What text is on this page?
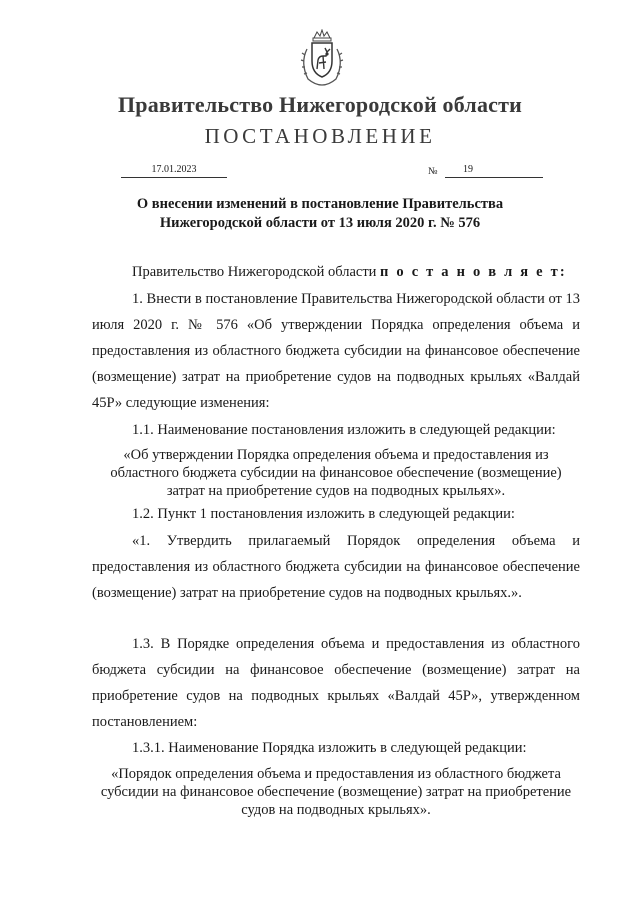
Правительство Нижегородской области
ПОСТАНОВЛЕНИЕ
17.01.2023	№	19
О внесении изменений в постановление Правительства
Нижегородской области от 13 июля 2020 г. № 576

Правительство Нижегородской области п о с т а н о в л я е т:

1. Внести в постановление Правительства Нижегородской области от 13 июля 2020 г. № 576 «Об утверждении Порядка определения объема и предоставления из областного бюджета субсидии на финансовое обеспечение (возмещение) затрат на приобретение судов на подводных крыльях «Валдай 45Р» следующие изменения:

1.1. Наименование постановления изложить в следующей редакции:

«Об утверждении Порядка определения объема и предоставления из областного бюджета субсидии на финансовое обеспечение (возмещение) затрат на приобретение судов на подводных крыльях».

1.2. Пункт 1 постановления изложить в следующей редакции:

«1. Утвердить прилагаемый Порядок определения объема и предоставления из областного бюджета субсидии на финансовое обеспечение (возмещение) затрат на приобретение судов на подводных крыльях.».

1.3. В Порядке определения объема и предоставления из областного бюджета субсидии на финансовое обеспечение (возмещение) затрат на приобретение судов на подводных крыльях «Валдай 45Р», утвержденном постановлением:

1.3.1. Наименование Порядка изложить в следующей редакции:

«Порядок определения объема и предоставления из областного бюджета субсидии на финансовое обеспечение (возмещение) затрат на приобретение судов на подводных крыльях».
